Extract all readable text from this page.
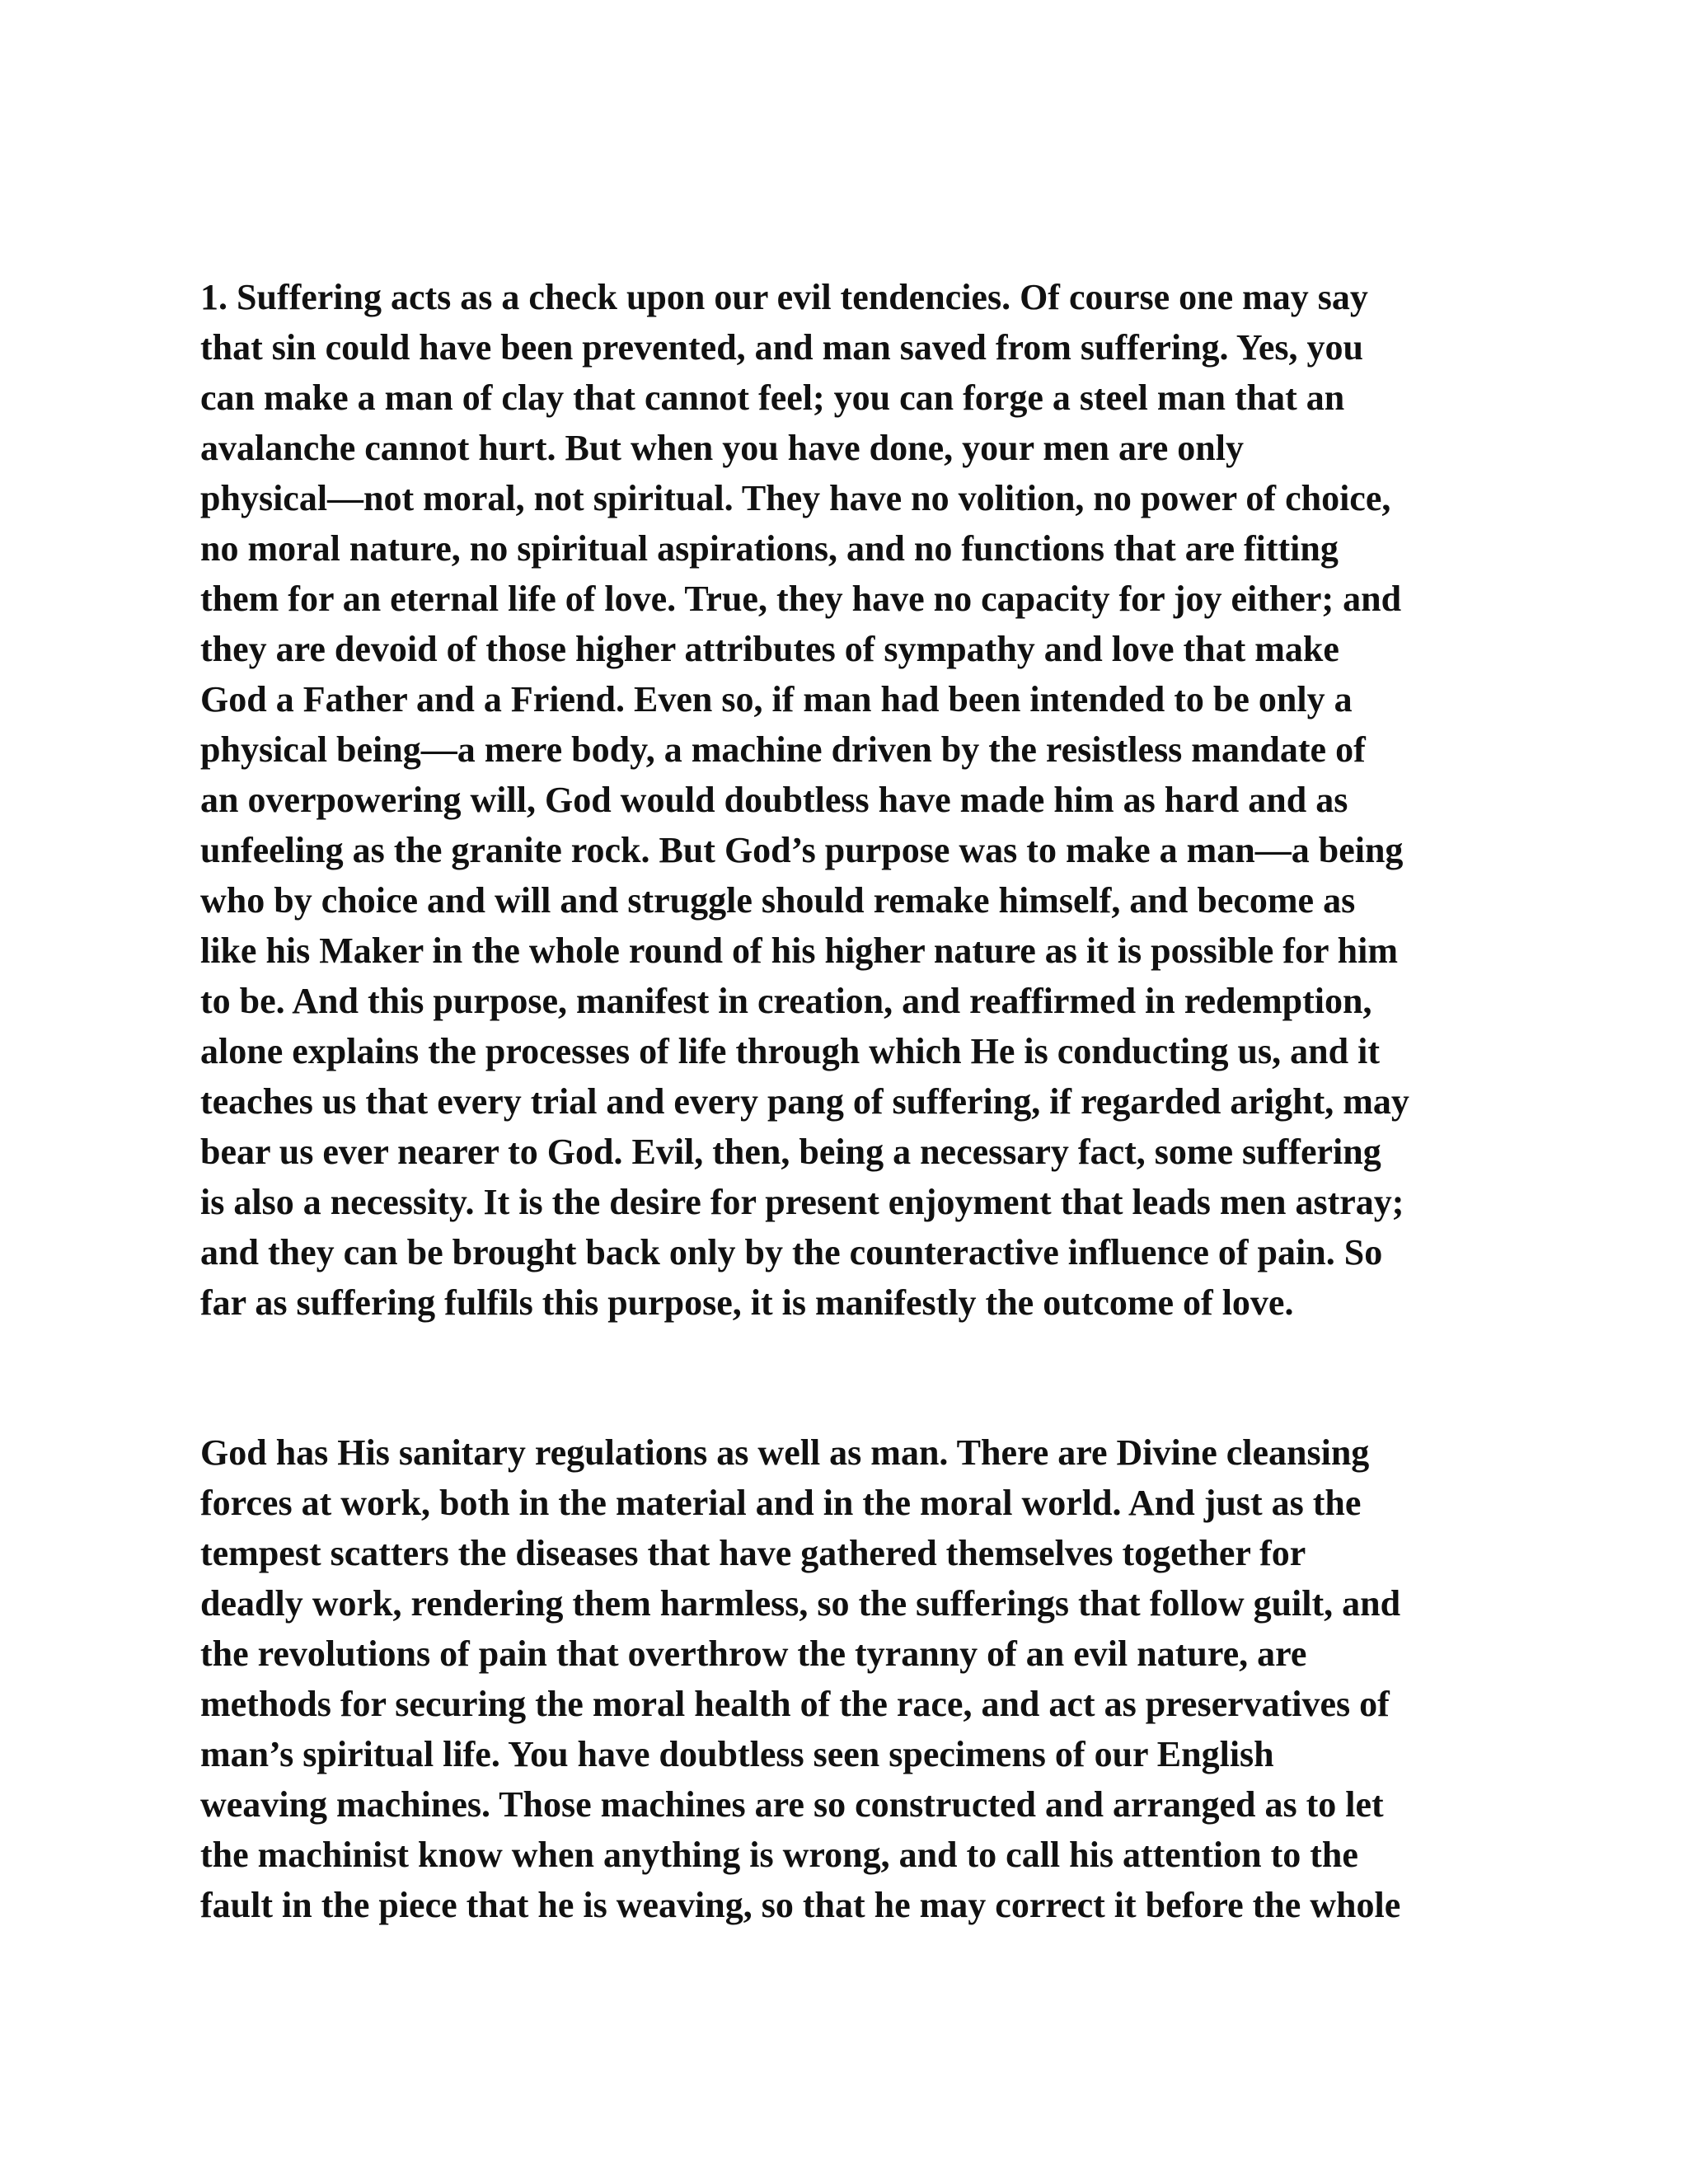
1. Suffering acts as a check upon our evil tendencies. Of course one may say
that sin could have been prevented, and man saved from suffering. Yes, you
can make a man of clay that cannot feel; you can forge a steel man that an
avalanche cannot hurt. But when you have done, your men are only
physical—not moral, not spiritual. They have no volition, no power of choice,
no moral nature, no spiritual aspirations, and no functions that are fitting
them for an eternal life of love. True, they have no capacity for joy either; and
they are devoid of those higher attributes of sympathy and love that make
God a Father and a Friend. Even so, if man had been intended to be only a
physical being—a mere body, a machine driven by the resistless mandate of
an overpowering will, God would doubtless have made him as hard and as
unfeeling as the granite rock. But God’s purpose was to make a man—a being
who by choice and will and struggle should remake himself, and become as
like his Maker in the whole round of his higher nature as it is possible for him
to be. And this purpose, manifest in creation, and reaffirmed in redemption,
alone explains the processes of life through which He is conducting us, and it
teaches us that every trial and every pang of suffering, if regarded aright, may
bear us ever nearer to God. Evil, then, being a necessary fact, some suffering
is also a necessity. It is the desire for present enjoyment that leads men astray;
and they can be brought back only by the counteractive influence of pain. So
far as suffering fulfils this purpose, it is manifestly the outcome of love.
God has His sanitary regulations as well as man. There are Divine cleansing
forces at work, both in the material and in the moral world. And just as the
tempest scatters the diseases that have gathered themselves together for
deadly work, rendering them harmless, so the sufferings that follow guilt, and
the revolutions of pain that overthrow the tyranny of an evil nature, are
methods for securing the moral health of the race, and act as preservatives of
man’s spiritual life. You have doubtless seen specimens of our English
weaving machines. Those machines are so constructed and arranged as to let
the machinist know when anything is wrong, and to call his attention to the
fault in the piece that he is weaving, so that he may correct it before the whole
